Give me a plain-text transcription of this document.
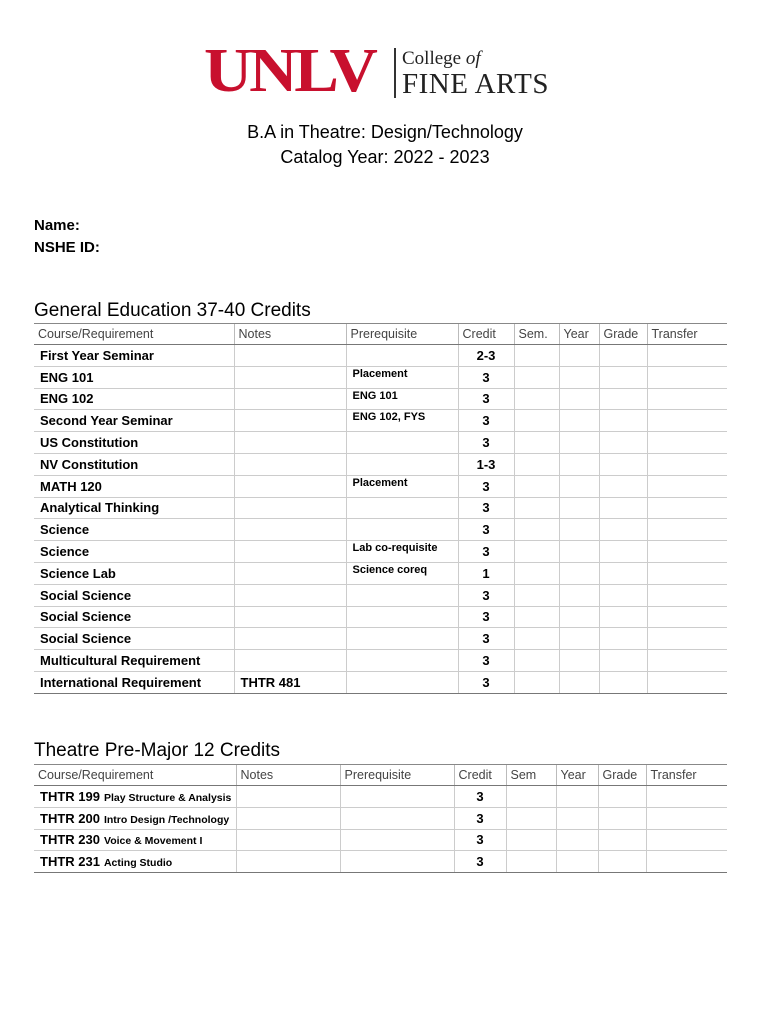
UNLV College of
FINE ARTS
B.A in Theatre: Design/Technology
Catalog Year: 2022 - 2023
Name:
NSHE ID:
General Education 37-40 Credits
Course/Requirement	Notes	Prerequisite	Credit	Sem.	Year	Grade	Transfer
First Year Seminar			2-3				
ENG 101		Placement	3				
ENG 102		ENG 101	3				
Second Year Seminar		ENG 102, FYS	3				
US Constitution			3				
NV Constitution			1-3				
MATH 120		Placement	3				
Analytical Thinking			3				
Science			3				
Science		Lab co-requisite	3				
Science Lab		Science coreq	1				
Social Science			3				
Social Science			3				
Social Science			3				
Multicultural Requirement			3				
International Requirement	THTR 481		3				
Theatre Pre-Major 12 Credits
Course/Requirement	Notes	Prerequisite	Credit	Sem	Year	Grade	Transfer
THTR 199 Play Structure & Analysis			3				
THTR 200 Intro Design /Technology			3				
THTR 230 Voice & Movement I			3				
THTR 231 Acting Studio			3				
